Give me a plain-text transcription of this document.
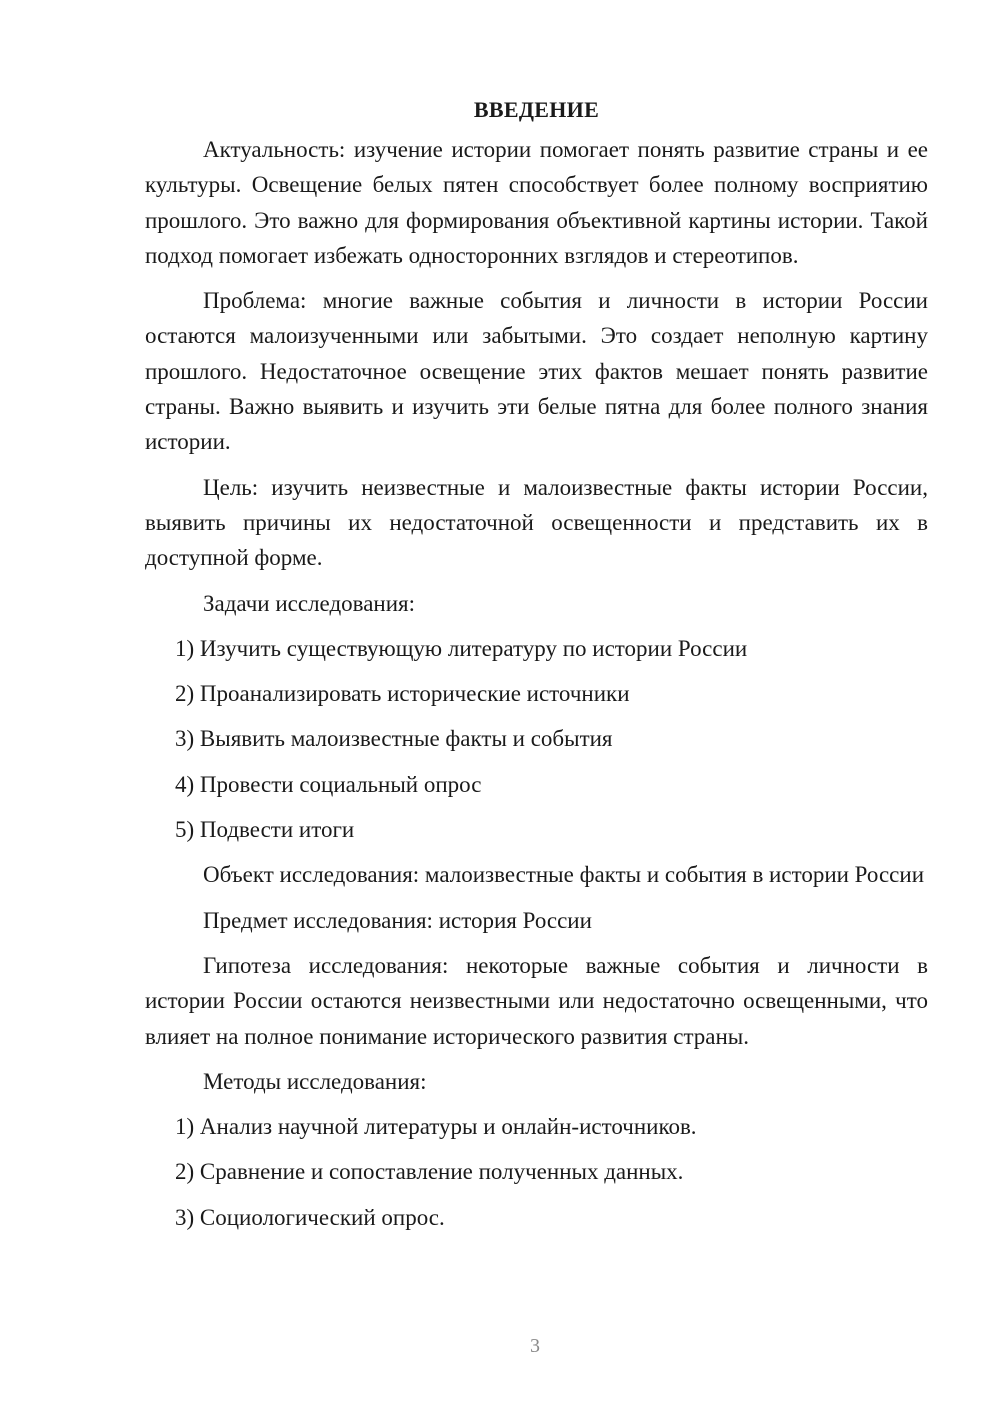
ВВЕДЕНИЕ

Актуальность: изучение истории помогает понять развитие страны и ее культуры. Освещение белых пятен способствует более полному восприятию прошлого. Это важно для формирования объективной картины истории. Такой подход помогает избежать односторонних взглядов и стереотипов.

Проблема: многие важные события и личности в истории России остаются малоизученными или забытыми. Это создает неполную картину прошлого. Недостаточное освещение этих фактов мешает понять развитие страны. Важно выявить и изучить эти белые пятна для более полного знания истории.

Цель: изучить неизвестные и малоизвестные факты истории России, выявить причины их недостаточной освещенности и представить их в доступной форме.

Задачи исследования:

1) Изучить существующую литературу по истории России
2) Проанализировать исторические источники
3) Выявить малоизвестные факты и события
4) Провести социальный опрос
5) Подвести итоги

Объект исследования: малоизвестные факты и события в истории России

Предмет исследования: история России

Гипотеза исследования: некоторые важные события и личности в истории России остаются неизвестными или недостаточно освещенными, что влияет на полное понимание исторического развития страны.

Методы исследования:

1) Анализ научной литературы и онлайн-источников.
2) Сравнение и сопоставление полученных данных.
3) Социологический опрос.
3
